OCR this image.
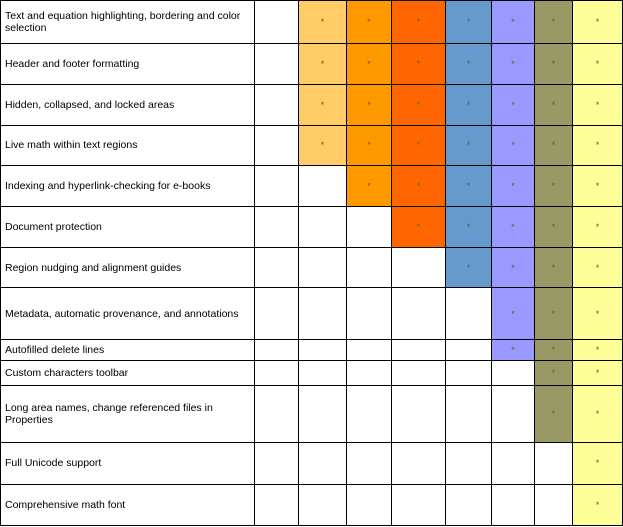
Text and equation highlighting, bordering and color selection		*	*	*	*	*	*	*
Header and footer formatting		*	*	*	*	*	*	*
Hidden, collapsed, and locked areas		*	*	*	*	*	*	*
Live math within text regions		*	*	*	*	*	*	*
Indexing and hyperlink-checking for e-books			*	*	*	*	*	*
Document protection				*	*	*	*	*
Region nudging and alignment guides					*	*	*	*
Metadata, automatic provenance, and annotations						*	*	*
Autofilled delete lines						*	*	*
Custom characters toolbar							*	*
Long area names, change referenced files in Properties							*	*
Full Unicode support								*
Comprehensive math font								*
